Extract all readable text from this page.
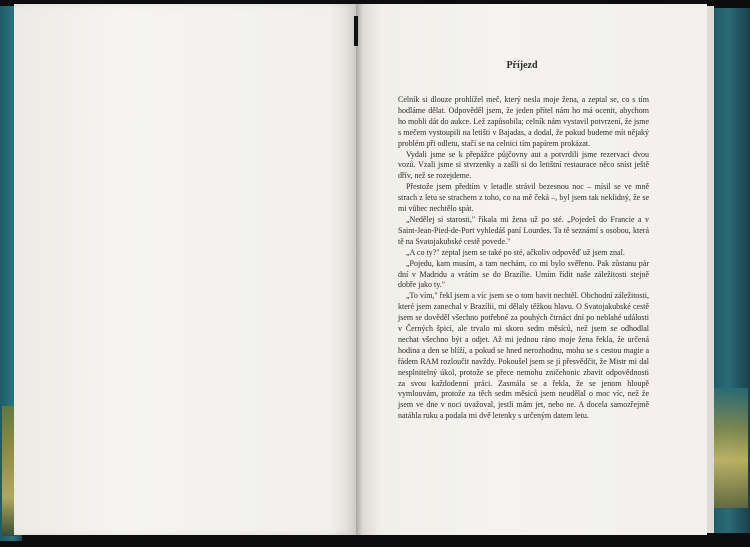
Příjezd

Celník si dlouze prohlížel meč, který nesla moje žena, a zeptal se, co s tím hodláme dělat. Odpověděl jsem, že jeden přítel nám ho má ocenit, abychom ho mohli dát do aukce. Lež zapůsobila; celník nám vystavil potvrzení, že jsme s mečem vystoupili na letišti v Bajadas, a dodal, že pokud budeme mít nějaký problém při odletu, stačí se na celnici tím papírem prokázat.

Vydali jsme se k přepážce půjčovny aut a potvrdili jsme rezervaci dvou vozů. Vzali jsme si stvrzenky a zašli si do letištní restaurace něco sníst ještě dřív, než se rozejdeme.

Přestože jsem předtím v letadle strávil bezesnou noc – mísil se ve mně strach z letu se strachem z toho, co na mě čeká –, byl jsem tak neklidný, že se mi vůbec nechtělo spát.

„Nedělej si starosti," říkala mi žena už po sté. „Pojedeš do Francie a v Saint-Jean-Pied-de-Port vyhledáš paní Lourdes. Ta tě seznámí s osobou, která tě na Svatojakubské cestě povede."

„A co ty?" zeptal jsem se také po sté, ačkoliv odpověď už jsem znal.

„Pojedu, kam musím, a tam nechám, co mi bylo svěřeno. Pak zůstanu pár dní v Madridu a vrátím se do Brazílie. Umím řídit naše záležitosti stejně dobře jako ty."

„To vím," řekl jsem a víc jsem se o tom bavit nechtěl. Obchodní záležitosti, které jsem zanechal v Brazílii, mi dělaly těžkou hlavu. O Svatojakubské cestě jsem se dověděl všechno potřebné za pouhých čtrnáct dní po neblahé události v Černých špicí, ale trvalo mi skoro sedm měsíců, než jsem se odhodlal nechat všechno být a odjet. Až mi jednou ráno moje žena řekla, že určená hodina a den se blíží, a pokud se hned nerozhodnu, mohu se s cestou magie a řádem RAM rozloučit navždy. Pokoušel jsem se jí přesvědčit, že Mistr mi dal nesplnitelný úkol, protože se přece nemohu zničehonic zbavit odpovědnosti za svou každodenní práci. Zasmála se a řekla, že se jenom hloupě vymlouvám, protože za těch sedm měsíců jsem neudělal o moc víc, než že jsem ve dne v noci uvažoval, jestli mám jet, nebo ne. A docela samozřejmě natáhla ruku a podala mi dvě letenky s určeným datem letu.
